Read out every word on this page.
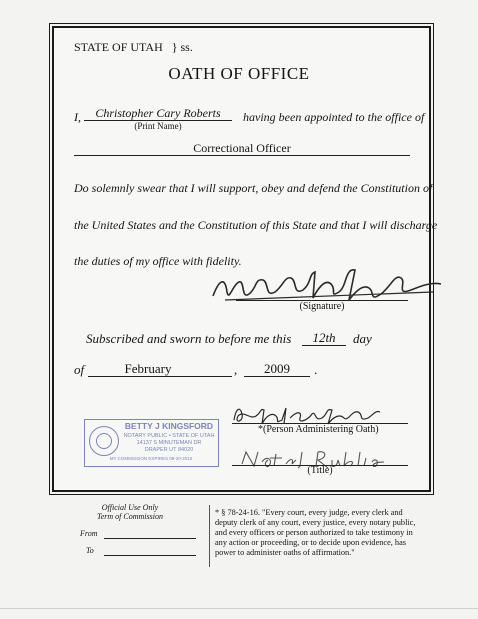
STATE OF UTAH } ss.
OATH OF OFFICE
I,	Christopher Cary Roberts
(Print Name)
having been appointed to the office of
Correctional Officer
Do solemnly swear that I will support, obey and defend the Constitution of
the United States and the Constitution of this State and that I will discharge
the duties of my office with fidelity.
(Signature)
Subscribed and sworn to before me this	12th	day
of	February	,	2009	.
BETTY J KINGSFORD
NOTARY PUBLIC • STATE OF UTAH
14137 S MINUTEMAN DR
DRAPER UT 84020
MY COMMISSION EXPIRES 09-20-2010
*(Person Administering Oath)
(Title)
Official Use Only
Term of Commission
From
To
* § 78-24-16. "Every court, every judge, every clerk and deputy clerk of any court, every justice, every notary public, and every officers or person authorized to take testimony in any action or proceeding, or to decide upon evidence, has power to administer oaths of affirmation."
